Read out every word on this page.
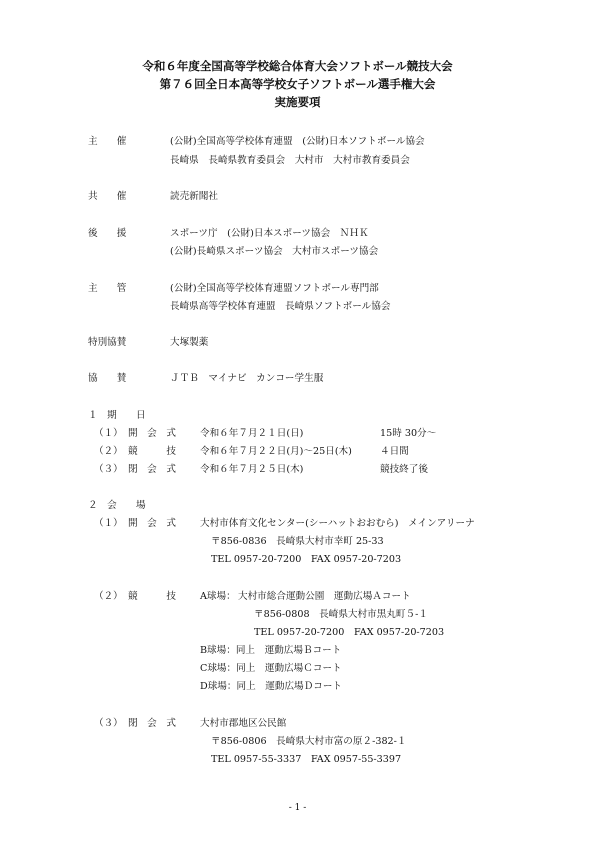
令和６年度全国高等学校総合体育大会ソフトボール競技大会
第７６回全日本高等学校女子ソフトボール選手権大会
実施要項
主　　催	(公財)全国高等学校体育連盟　(公財)日本ソフトボール協会
長崎県　長崎県教育委員会　大村市　大村市教育委員会
共　　催	読売新聞社
後　　援	スポーツ庁　(公財)日本スポーツ協会　ＮＨＫ
(公財)長崎県スポーツ協会　大村市スポーツ協会
主　　管	(公財)全国高等学校体育連盟ソフトボール専門部
長崎県高等学校体育連盟　長崎県ソフトボール協会
特別協賛	大塚製薬
協　　賛	ＪＴＢ　マイナビ　カンコー学生服
１　期　　日
（１） 開　会　式	令和６年７月２１日(日)	15時 30分～
（２） 競　　　技	令和６年７月２２日(月)～25日(木)	４日間
（３） 閉　会　式	令和６年７月２５日(木)	競技終了後
２　会　　場
（１） 開　会　式	大村市体育文化センター(シーハットおおむら)　メインアリーナ
〒856-0836　長崎県大村市幸町 25-33
TEL 0957-20-7200　FAX 0957-20-7203
（２） 競　　　技	A球場： 大村市総合運動公園　運動広場Ａコート
〒856-0808　長崎県大村市黒丸町５-１
TEL 0957-20-7200　FAX 0957-20-7203
B球場：同上　運動広場Ｂコート
C球場：同上　運動広場Ｃコート
D球場：同上　運動広場Ｄコート
（３） 閉　会　式	大村市郡地区公民館
〒856-0806　長崎県大村市富の原２-382-１
TEL 0957-55-3337　FAX 0957-55-3397
- 1 -
